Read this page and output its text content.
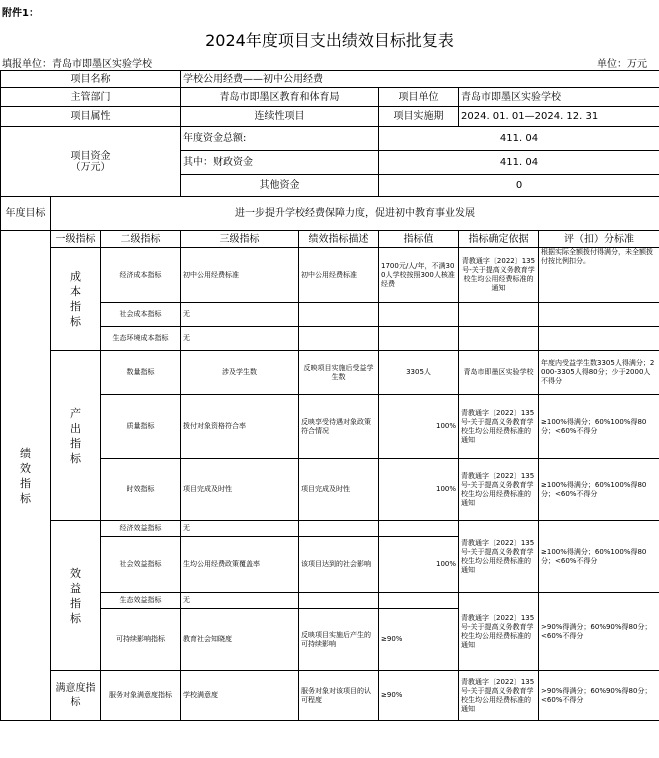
附件1：
2024年度项目支出绩效目标批复表
填报单位：青岛市即墨区实验学校	单位：万元
项目名称			学校公用经费——初中公用经费				
主管部门			青岛市即墨区教育和体育局		项目单位	青岛市即墨区实验学校	
项目属性			连续性项目		项目实施期	2024. 01. 01—2024. 12. 31	
项目资金
（万元）			年度资金总额:		411. 04		
			其中：财政资金		411. 04		
			其他资金		0		
年度目标	进一步提升学校经费保障力度，促进初中教育事业发展						
绩
效
指
标	一级指标	二级指标	三级指标	绩效指标描述	指标值	指标确定依据	评（扣）分标准
	成
本
指
标	经济成本指标	初中公用经费标准	初中公用经费标准	1700元/人/年，不满300人学校按照300人核准经费	青教通字〔2022〕135号-关于提高义务教育学校生均公用经费标准的通知	根据实际全额拨付得满分，未全额拨付按比例扣分。
		社会成本指标	无				
		生态环境成本指标	无				
	产
出
指
标	数量指标	涉及学生数	反映项目实施后受益学生数	3305人	青岛市即墨区实验学校	年度内受益学生数3305人得满分；2000-3305人得80分；少于2000人不得分
		质量指标	拨付对象资格符合率	反映享受待遇对象政策符合情况	100%	青教通字〔2022〕135号-关于提高义务教育学校生均公用经费标准的通知	≥100%得满分；60%100%得80分；<60%不得分
		时效指标	项目完成及时性	项目完成及时性	100%	青教通字〔2022〕135号-关于提高义务教育学校生均公用经费标准的通知	≥100%得满分；60%100%得80分；<60%不得分
	效
益
指
标	经济效益指标	无			青教通字〔2022〕135号-关于提高义务教育学校生均公用经费标准的通知	≥100%得满分；60%100%得80分；<60%不得分
		社会效益指标	生均公用经费政策覆盖率	该项目达到的社会影响	100%		
		生态效益指标	无			青教通字〔2022〕135号-关于提高义务教育学校生均公用经费标准的通知	>90%得满分；60%90%得80分；<60%不得分
		可持续影响指标	教育社会知晓度	反映项目实施后产生的可持续影响	≥90%		
	满意度指
标	服务对象满意度指标	学校满意度	服务对象对该项目的认可程度	≥90%	青教通字〔2022〕135号-关于提高义务教育学校生均公用经费标准的通知	>90%得满分；60%90%得80分；<60%不得分
